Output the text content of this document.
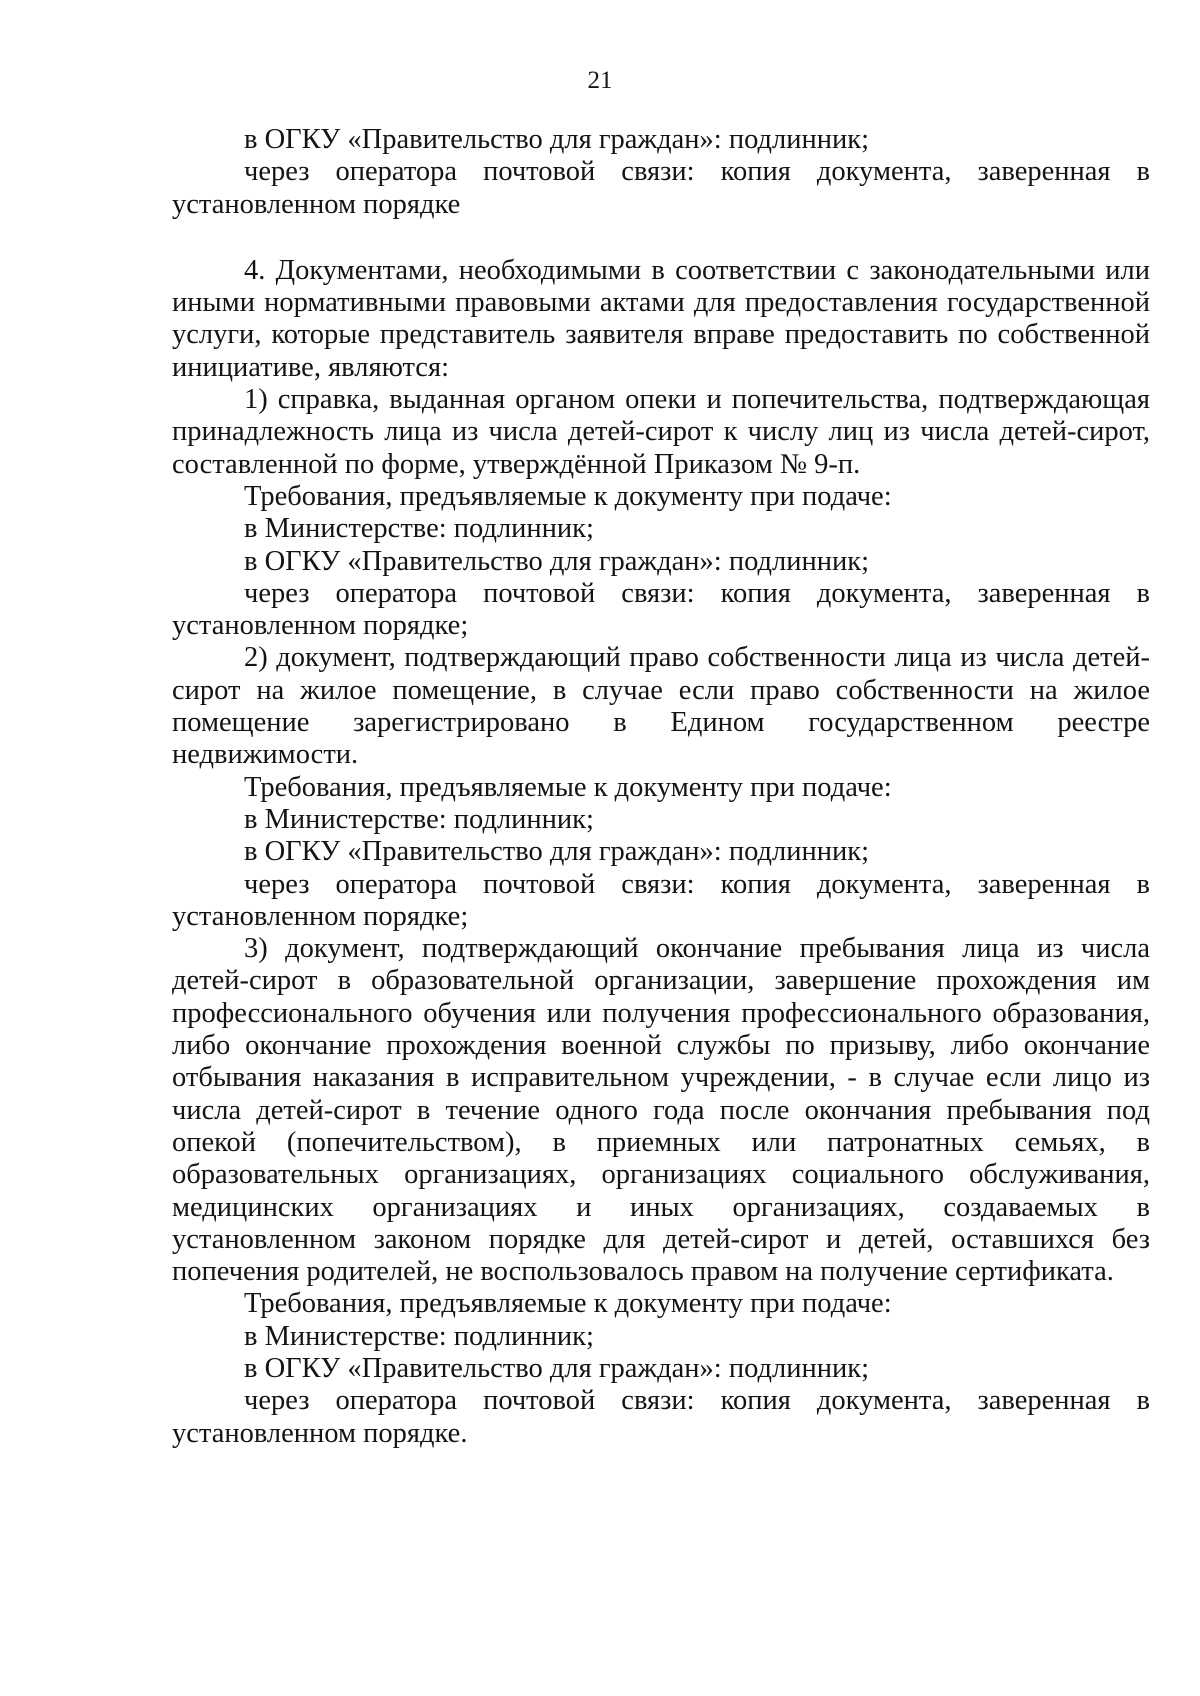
21

в ОГКУ «Правительство для граждан»: подлинник;

через оператора почтовой связи: копия документа, заверенная в установленном порядке

4. Документами, необходимыми в соответствии с законодательными или иными нормативными правовыми актами для предоставления государственной услуги, которые представитель заявителя вправе предоставить по собственной инициативе, являются:

1) справка, выданная органом опеки и попечительства, подтверждающая принадлежность лица из числа детей-сирот к числу лиц из числа детей-сирот, составленной по форме, утверждённой Приказом № 9-п.

Требования, предъявляемые к документу при подаче:

в Министерстве: подлинник;

в ОГКУ «Правительство для граждан»: подлинник;

через оператора почтовой связи: копия документа, заверенная в установленном порядке;

2) документ, подтверждающий право собственности лица из числа детей-сирот на жилое помещение, в случае если право собственности на жилое помещение зарегистрировано в Едином государственном реестре недвижимости.

Требования, предъявляемые к документу при подаче:

в Министерстве: подлинник;

в ОГКУ «Правительство для граждан»: подлинник;

через оператора почтовой связи: копия документа, заверенная в установленном порядке;

3) документ, подтверждающий окончание пребывания лица из числа детей-сирот в образовательной организации, завершение прохождения им профессионального обучения или получения профессионального образования, либо окончание прохождения военной службы по призыву, либо окончание отбывания наказания в исправительном учреждении, - в случае если лицо из числа детей-сирот в течение одного года после окончания пребывания под опекой (попечительством), в приемных или патронатных семьях, в образовательных организациях, организациях социального обслуживания, медицинских организациях и иных организациях, создаваемых в установленном законом порядке для детей-сирот и детей, оставшихся без попечения родителей, не воспользовалось правом на получение сертификата.

Требования, предъявляемые к документу при подаче:

в Министерстве: подлинник;

в ОГКУ «Правительство для граждан»: подлинник;

через оператора почтовой связи: копия документа, заверенная в установленном порядке.
